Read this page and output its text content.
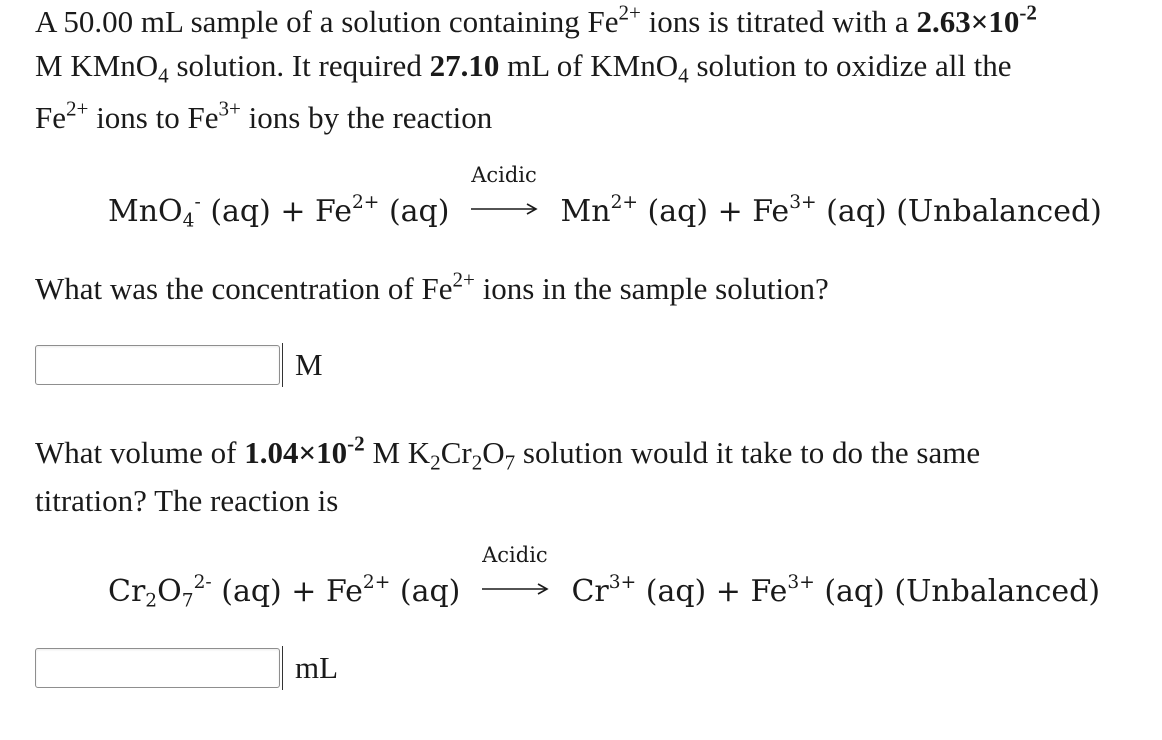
A 50.00 mL sample of a solution containing $Fe^{2+}$ ions is titrated with a $2.63\times 10^{-2}$
M KMnO$_4$ solution. It required 27.10 mL of KMnO$_4$ solution to oxidize all the
$Fe^{2+}$ ions to $Fe^{3+}$ ions by the reaction
MnO$_4$- $(aq) + Fe^{2+}$ (aq)
Acidic
$Mn^{2+}$ $(aq) + Fe^{3+}$ (aq) (Unbalanced)
What was the concentration of $Fe^{2+}$ ions in the sample solution?
M
What volume of $1.04\times 10^{-2}$ M $K_2Cr_2O_7$ solution would it take to do the same
titration? The reaction is
$Cr_2O_7^{2-}$ $(aq) + Fe^{2+}$ (aq)
Acidic
$Cr^{3+}$ $(aq) + Fe^{3+}$ (aq) (Unbalanced)
mL
